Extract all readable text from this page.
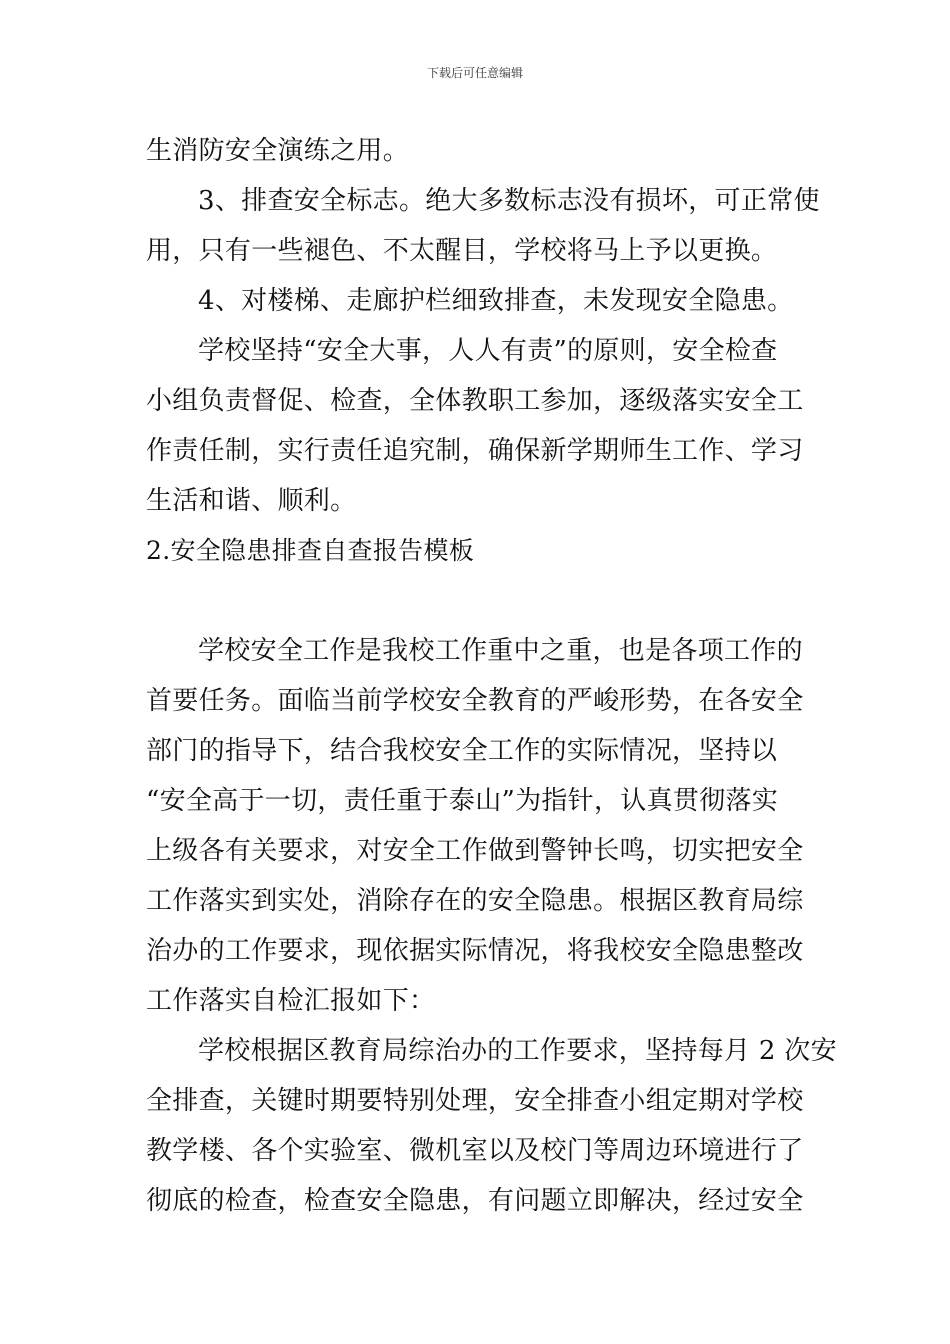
下载后可任意编辑
生消防安全演练之用。
3、排查安全标志。绝大多数标志没有损坏，可正常使
用，只有一些褪色、不太醒目，学校将马上予以更换。
4、对楼梯、走廊护栏细致排查，未发现安全隐患。
学校坚持“安全大事，人人有责”的原则，安全检查
小组负责督促、检查，全体教职工参加，逐级落实安全工
作责任制，实行责任追究制，确保新学期师生工作、学习
生活和谐、顺利。
2.安全隐患排查自查报告模板
学校安全工作是我校工作重中之重，也是各项工作的
首要任务。面临当前学校安全教育的严峻形势，在各安全
部门的指导下，结合我校安全工作的实际情况，坚持以
“安全高于一切，责任重于泰山”为指针，认真贯彻落实
上级各有关要求，对安全工作做到警钟长鸣，切实把安全
工作落实到实处，消除存在的安全隐患。根据区教育局综
治办的工作要求，现依据实际情况，将我校安全隐患整改
工作落实自检汇报如下：
学校根据区教育局综治办的工作要求，坚持每月 2 次安
全排查，关键时期要特别处理，安全排查小组定期对学校
教学楼、各个实验室、微机室以及校门等周边环境进行了
彻底的检查，检查安全隐患，有问题立即解决，经过安全
